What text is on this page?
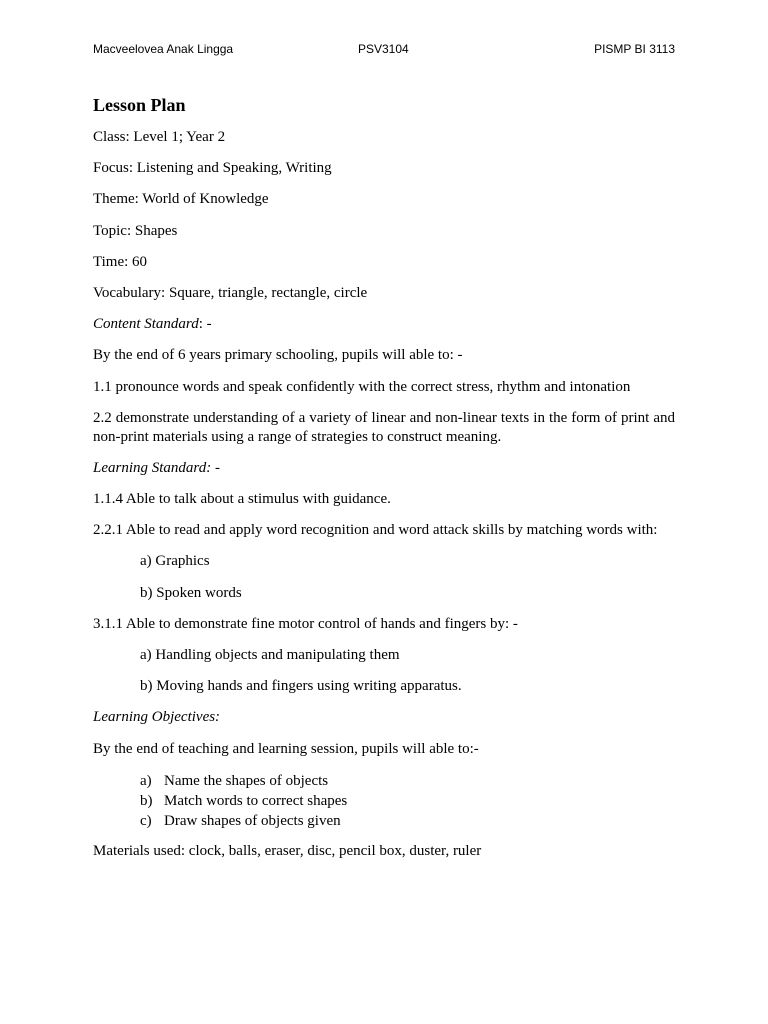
Macveelovea Anak Lingga	PSV3104	PISMP BI 3113
Lesson Plan
Class: Level 1; Year 2
Focus: Listening and Speaking, Writing
Theme: World of Knowledge
Topic: Shapes
Time: 60
Vocabulary: Square, triangle, rectangle, circle
Content Standard: -
By the end of 6 years primary schooling, pupils will able to: -
1.1 pronounce words and speak confidently with the correct stress, rhythm and intonation
2.2 demonstrate understanding of a variety of linear and non-linear texts in the form of print and non-print materials using a range of strategies to construct meaning.
Learning Standard: -
1.1.4 Able to talk about a stimulus with guidance.
2.2.1 Able to read and apply word recognition and word attack skills by matching words with:
a) Graphics
b) Spoken words
3.1.1 Able to demonstrate fine motor control of hands and fingers by: -
a) Handling objects and manipulating them
b) Moving hands and fingers using writing apparatus.
Learning Objectives:
By the end of teaching and learning session, pupils will able to:-
a) Name the shapes of objects
b) Match words to correct shapes
c) Draw shapes of objects given
Materials used: clock, balls, eraser, disc, pencil box, duster, ruler
